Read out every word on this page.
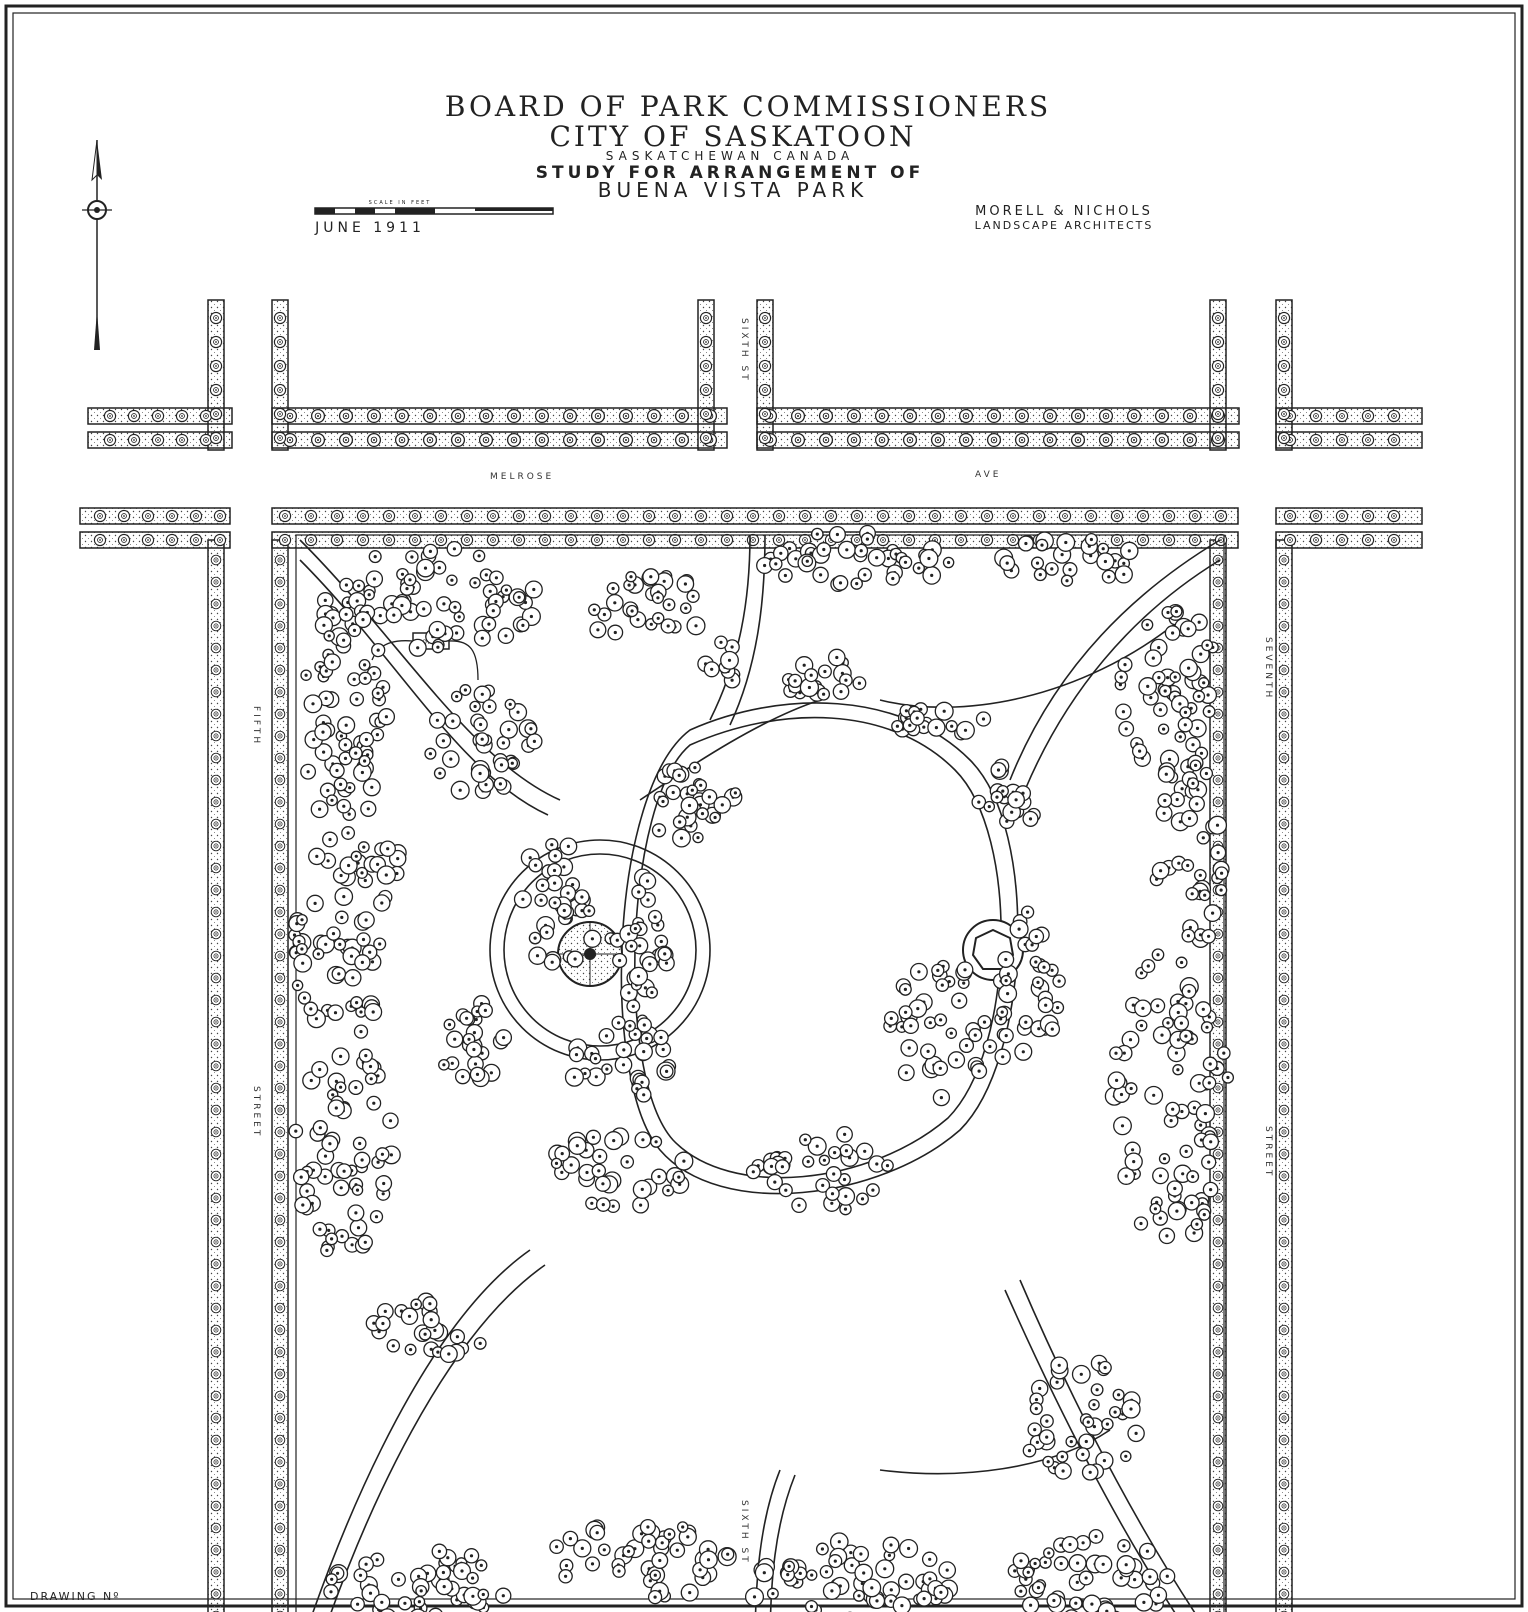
BOARD OF PARK COMMISSIONERS
CITY OF SASKATOON
SASKATCHEWAN CANADA
STUDY FOR ARRANGEMENT OF
BUENA VISTA PARK
SCALE IN FEET
JUNE 1911
MORELL & NICHOLS
LANDSCAPE ARCHITECTS
MELROSE	AVE
SIXTH ST
SIXTH ST
FIFTH
STREET
SEVENTH
STREET
DRAWING Nº
